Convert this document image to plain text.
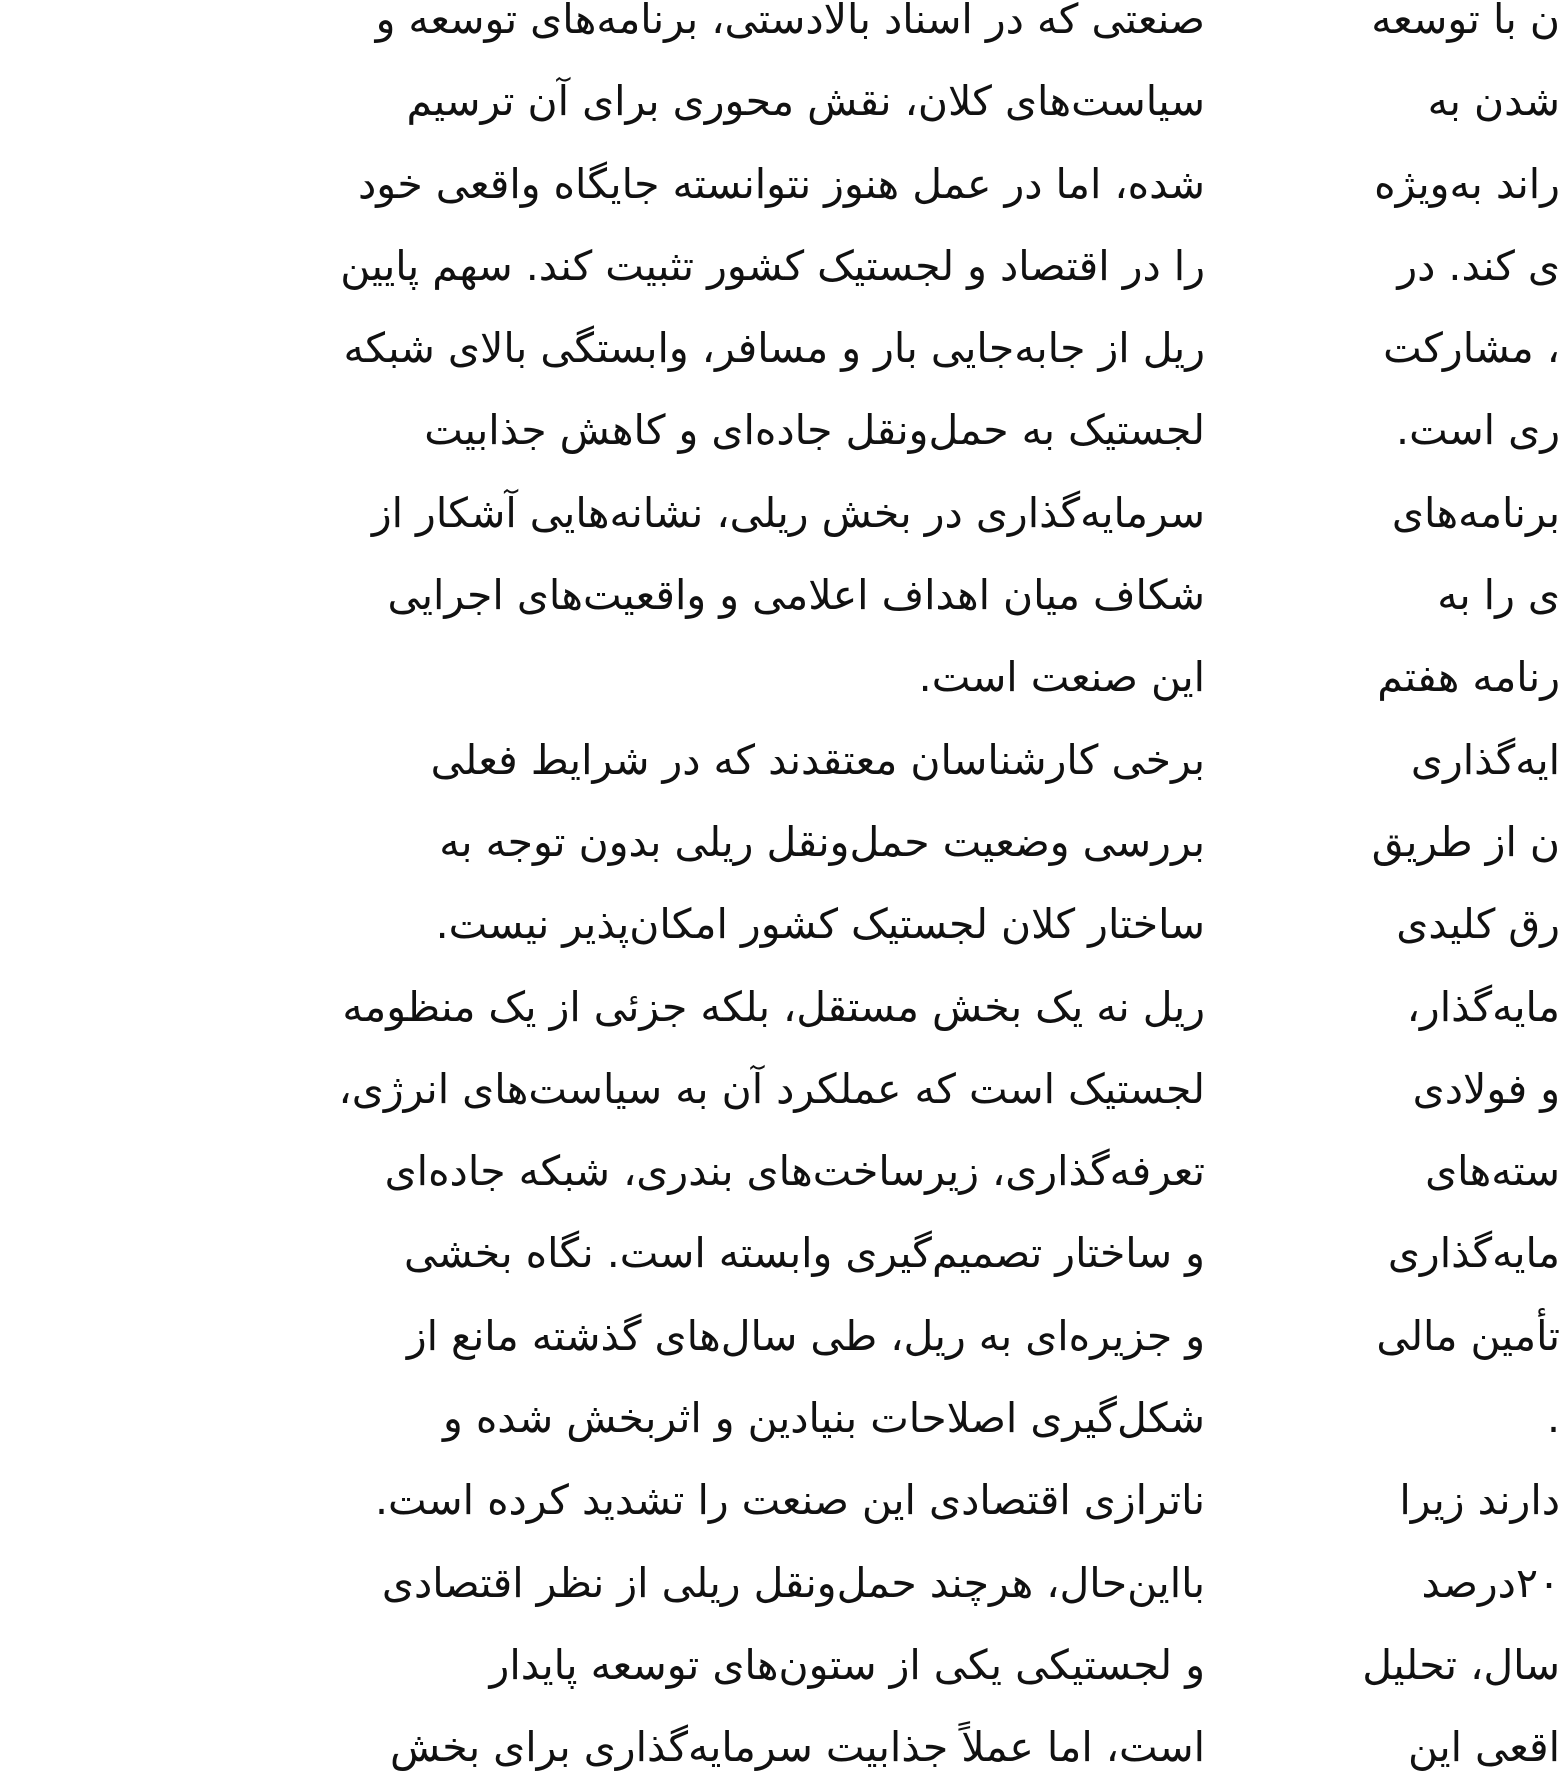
صنعتی که در اسناد بالادستی، برنامه‌های توسعه و
سیاست‌های کلان، نقش محوری برای آن ترسیم
شده، اما در عمل هنوز نتوانسته جایگاه واقعی خود
را در اقتصاد و لجستیک کشور تثبیت کند. سهم پایین
ریل از جابه‌جایی بار و مسافر، وابستگی بالای شبکه
لجستیک به حمل‌ونقل جاده‌ای و کاهش جذابیت
سرمایه‌گذاری در بخش ریلی، نشانه‌هایی آشکار از
شکاف میان اهداف اعلامی و واقعیت‌های اجرایی
این صنعت است.
برخی کارشناسان معتقدند که در شرایط فعلی
بررسی وضعیت حمل‌ونقل ریلی بدون توجه به
ساختار کلان لجستیک کشور امکان‌پذیر نیست.
ریل نه یک بخش مستقل، بلکه جزئی از یک منظومه
لجستیک است که عملکرد آن به سیاست‌های انرژی،
تعرفه‌گذاری، زیرساخت‌های بندری، شبکه جاده‌ای
و ساختار تصمیم‌گیری وابسته است. نگاه بخشی
و جزیره‌ای به ریل، طی سال‌های گذشته مانع از
شکل‌گیری اصلاحات بنیادین و اثربخش شده و
ناترازی اقتصادی این صنعت را تشدید کرده است.
بااین‌حال، هرچند حمل‌ونقل ریلی از نظر اقتصادی
و لجستیکی یکی از ستون‌های توسعه پایدار
است، اما عملاً جذابیت سرمایه‌گذاری برای بخش
ن با توسعه
شدن به
راند به‌ویژه
ی کند. در
، مشارکت
ری است.
برنامه‌های
ی را به
رنامه هفتم
ایه‌گذاری
ن از طریق
رق کلیدی
مایه‌گذار،
و فولادی
سته‌های
مایه‌گذاری
تأمین مالی
.
دارند زیرا
۲۰درصد
سال، تحلیل
اقعی این
